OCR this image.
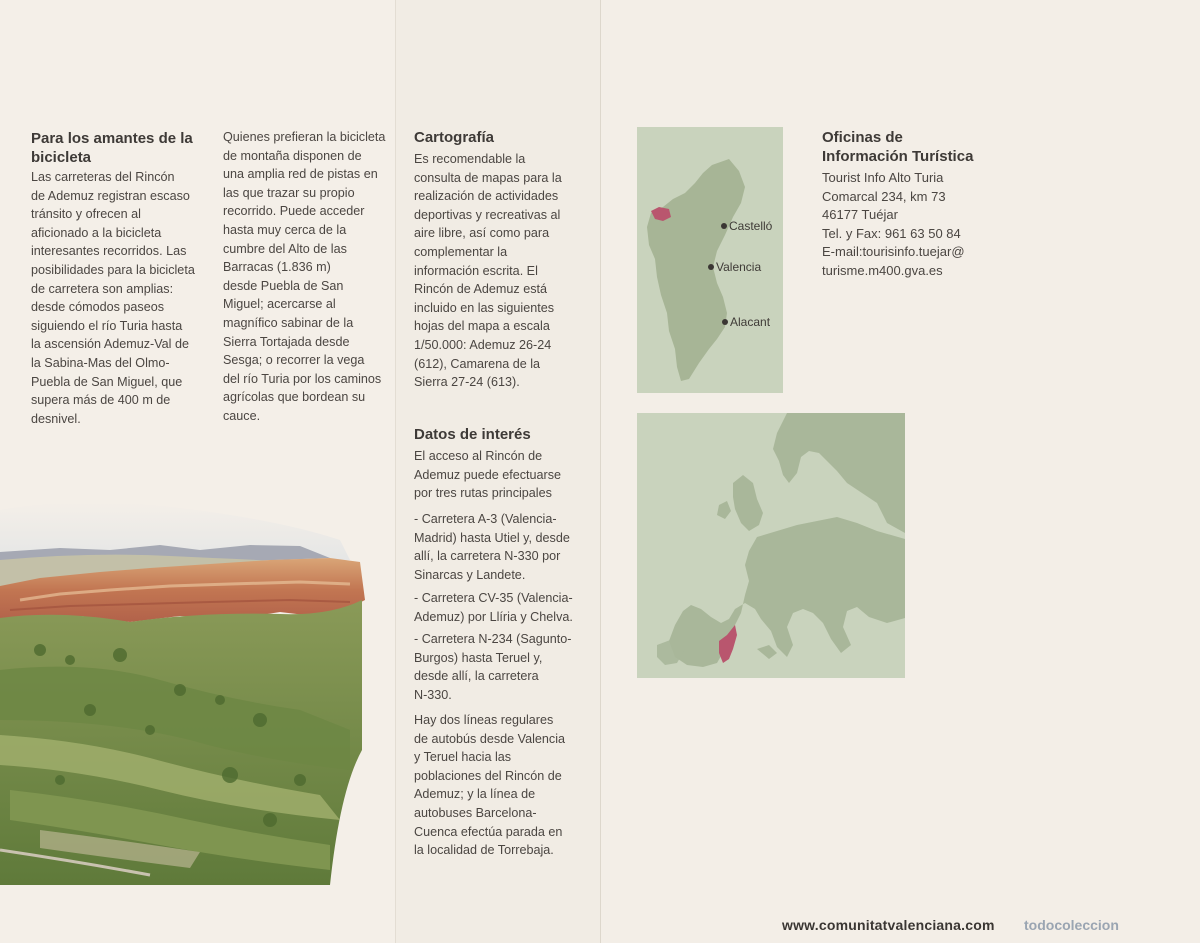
Para los amantes de la
bicicleta
Las carreteras del Rincón
de Ademuz registran escaso
tránsito y ofrecen al
aficionado a la bicicleta
interesantes recorridos. Las
posibilidades para la bicicleta
de carretera son amplias:
desde cómodos paseos
siguiendo el río Turia hasta
la ascensión Ademuz-Val de
la Sabina-Mas del Olmo-
Puebla de San Miguel, que
supera más de 400 m de
desnivel.
Quienes prefieran la bicicleta
de montaña disponen de
una amplia red de pistas en
las que trazar su propio
recorrido. Puede acceder
hasta muy cerca de la
cumbre del Alto de las
Barracas (1.836 m)
desde Puebla de San
Miguel; acercarse al
magnífico sabinar de la
Sierra Tortajada desde
Sesga; o recorrer la vega
del río Turia por los caminos
agrícolas que bordean su
cauce.
Cartografía
Es recomendable la
consulta de mapas para la
realización de actividades
deportivas y recreativas al
aire libre, así como para
complementar la
información escrita. El
Rincón de Ademuz está
incluido en las siguientes
hojas del mapa a escala
1/50.000: Ademuz 26-24
(612), Camarena de la
Sierra 27-24 (613).
Datos de interés
El acceso al Rincón de
Ademuz puede efectuarse
por tres rutas principales
- Carretera A-3 (Valencia-
Madrid) hasta Utiel y, desde
allí, la carretera N-330 por
Sinarcas y Landete.
- Carretera CV-35 (Valencia-
Ademuz) por Llíria y Chelva.
- Carretera N-234 (Sagunto-
Burgos) hasta Teruel y,
desde allí, la carretera
N-330.
Hay dos líneas regulares
de autobús desde Valencia
y Teruel hacia las
poblaciones del Rincón de
Ademuz; y la línea de
autobuses Barcelona-
Cuenca efectúa parada en
la localidad de Torrebaja.
Castelló
Valencia
Alacant
Oficinas de
Información Turística
Tourist Info Alto Turia
Comarcal 234, km 73
46177 Tuéjar
Tel. y Fax: 961 63 50 84
E-mail:tourisinfo.tuejar@
turisme.m400.gva.es
www.comunitatvalenciana.com todocoleccion
